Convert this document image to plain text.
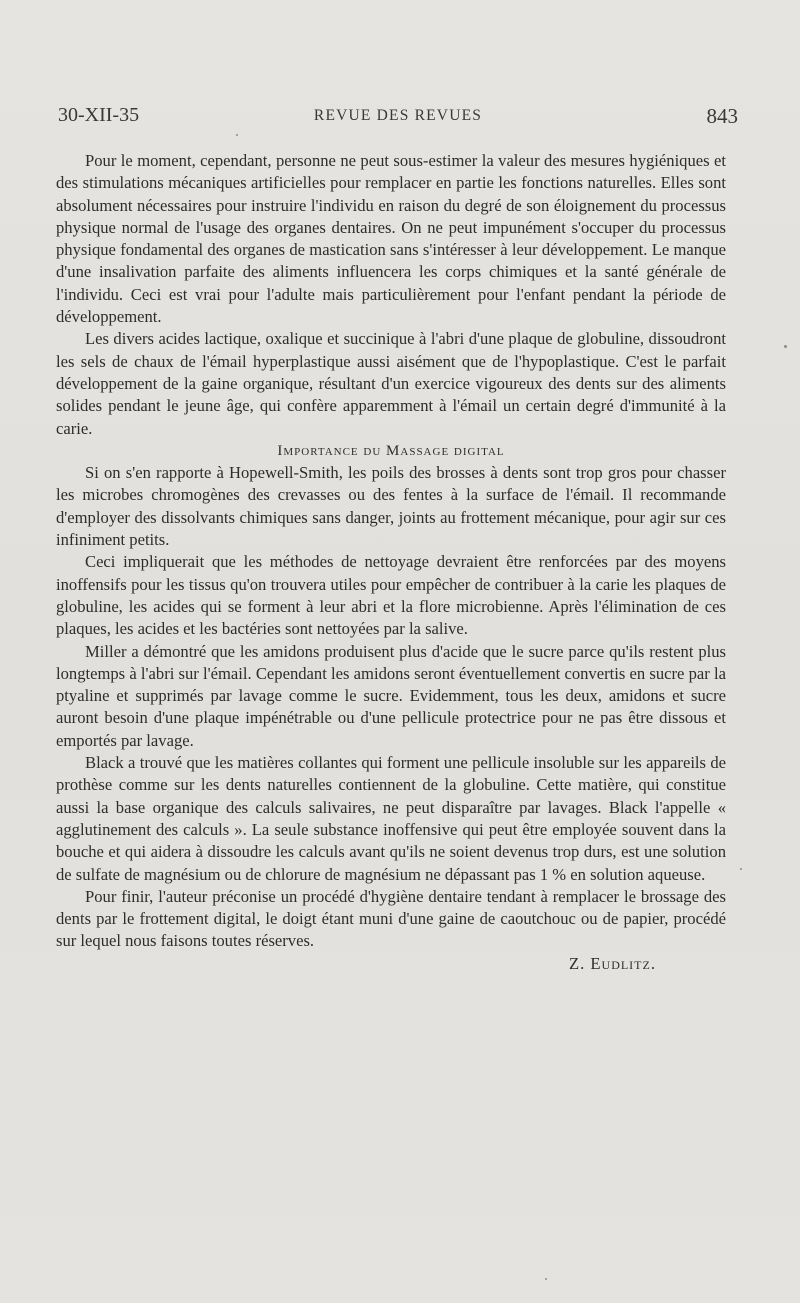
30-XII-35	REVUE DES REVUES	843

Pour le moment, cependant, personne ne peut sous-estimer la valeur des mesures hygiéniques et des stimulations mécaniques artificielles pour remplacer en partie les fonctions naturelles. Elles sont absolument nécessaires pour instruire l'individu en raison du degré de son éloignement du processus physique normal de l'usage des organes dentaires. On ne peut impunément s'occuper du processus physique fondamental des organes de mastication sans s'intéresser à leur développement. Le manque d'une insalivation parfaite des aliments influencera les corps chimiques et la santé générale de l'individu. Ceci est vrai pour l'adulte mais particulièrement pour l'enfant pendant la période de développement.

Les divers acides lactique, oxalique et succinique à l'abri d'une plaque de globuline, dissoudront les sels de chaux de l'émail hyperplastique aussi aisément que de l'hypoplastique. C'est le parfait développement de la gaine organique, résultant d'un exercice vigoureux des dents sur des aliments solides pendant le jeune âge, qui confère apparemment à l'émail un certain degré d'immunité à la carie.

Importance du Massage digital

Si on s'en rapporte à Hopewell-Smith, les poils des brosses à dents sont trop gros pour chasser les microbes chromogènes des crevasses ou des fentes à la surface de l'émail. Il recommande d'employer des dissolvants chimiques sans danger, joints au frottement mécanique, pour agir sur ces infiniment petits.

Ceci impliquerait que les méthodes de nettoyage devraient être renforcées par des moyens inoffensifs pour les tissus qu'on trouvera utiles pour empêcher de contribuer à la carie les plaques de globuline, les acides qui se forment à leur abri et la flore microbienne. Après l'élimination de ces plaques, les acides et les bactéries sont nettoyées par la salive.

Miller a démontré que les amidons produisent plus d'acide que le sucre parce qu'ils restent plus longtemps à l'abri sur l'émail. Cependant les amidons seront éventuellement convertis en sucre par la ptyaline et supprimés par lavage comme le sucre. Evidemment, tous les deux, amidons et sucre auront besoin d'une plaque impénétrable ou d'une pellicule protectrice pour ne pas être dissous et emportés par lavage.

Black a trouvé que les matières collantes qui forment une pellicule insoluble sur les appareils de prothèse comme sur les dents naturelles contiennent de la globuline. Cette matière, qui constitue aussi la base organique des calculs salivaires, ne peut disparaître par lavages. Black l'appelle « agglutinement des calculs ». La seule substance inoffensive qui peut être employée souvent dans la bouche et qui aidera à dissoudre les calculs avant qu'ils ne soient devenus trop durs, est une solution de sulfate de magnésium ou de chlorure de magnésium ne dépassant pas 1 % en solution aqueuse.

Pour finir, l'auteur préconise un procédé d'hygiène dentaire tendant à remplacer le brossage des dents par le frottement digital, le doigt étant muni d'une gaine de caoutchouc ou de papier, procédé sur lequel nous faisons toutes réserves.

Z. Eudlitz.
